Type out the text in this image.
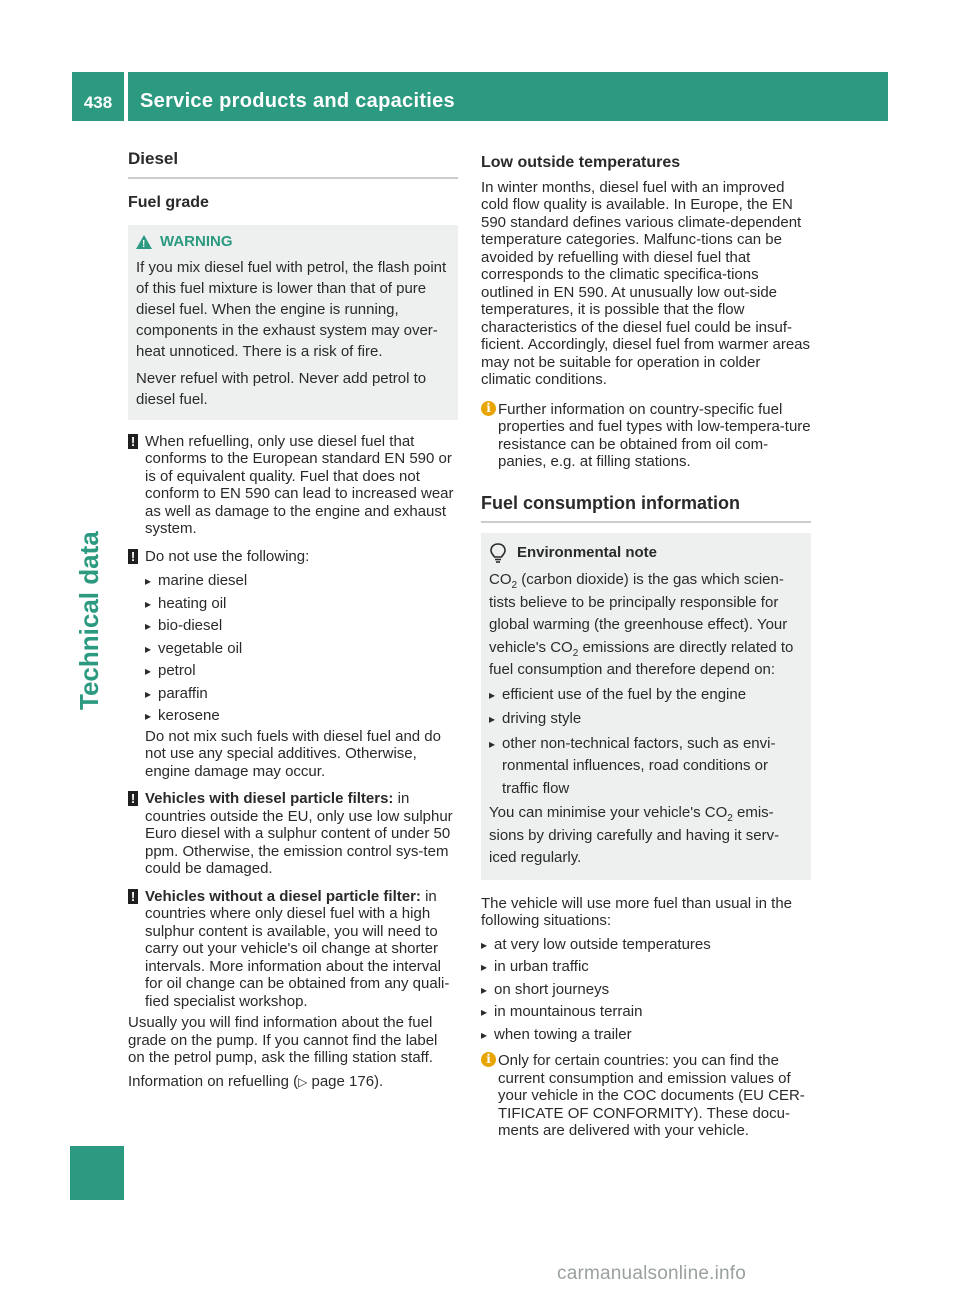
438	Service products and capacities
Technical data
Diesel
Fuel grade
!
WARNING

If you mix diesel fuel with petrol, the flash point of this fuel mixture is lower than that of pure diesel fuel. When the engine is running, components in the exhaust system may over-heat unnoticed. There is a risk of fire.

Never refuel with petrol. Never add petrol to diesel fuel.

! When refuelling, only use diesel fuel that conforms to the European standard EN 590 or is of equivalent quality. Fuel that does not conform to EN 590 can lead to increased wear as well as damage to the engine and exhaust system.

! Do not use the following:

▸ marine diesel
▸ heating oil
▸ bio-diesel
▸ vegetable oil
▸ petrol
▸ paraffin
▸ kerosene

Do not mix such fuels with diesel fuel and do not use any special additives. Otherwise, engine damage may occur.

! Vehicles with diesel particle filters: in countries outside the EU, only use low sulphur Euro diesel with a sulphur content of under 50 ppm. Otherwise, the emission control sys-tem could be damaged.

! Vehicles without a diesel particle filter: in countries where only diesel fuel with a high sulphur content is available, you will need to carry out your vehicle's oil change at shorter intervals. More information about the interval for oil change can be obtained from any quali-fied specialist workshop.

Usually you will find information about the fuel grade on the pump. If you cannot find the label on the petrol pump, ask the filling station staff.

Information on refuelling (▷ page 176).

Low outside temperatures

In winter months, diesel fuel with an improved cold flow quality is available. In Europe, the EN 590 standard defines various climate-dependent temperature categories. Malfunc-tions can be avoided by refuelling with diesel fuel that corresponds to the climatic specifica-tions outlined in EN 590. At unusually low out-side temperatures, it is possible that the flow characteristics of the diesel fuel could be insuf-ficient. Accordingly, diesel fuel from warmer areas may not be suitable for operation in colder climatic conditions.

i Further information on country-specific fuel properties and fuel types with low-tempera-ture resistance can be obtained from oil com-panies, e.g. at filling stations.

Fuel consumption information
Environmental note

$CO_2$ (carbon dioxide) is the gas which scien-tists believe to be principally responsible for global warming (the greenhouse effect). Your vehicle's $CO_2$ emissions are directly related to fuel consumption and therefore depend on:

▸ efficient use of the fuel by the engine
▸ driving style
▸ other non-technical factors, such as envi-ronmental influences, road conditions or traffic flow

You can minimise your vehicle's $CO_2$ emis-sions by driving carefully and having it serv-iced regularly.

The vehicle will use more fuel than usual in the following situations:

▸ at very low outside temperatures
▸ in urban traffic
▸ on short journeys
▸ in mountainous terrain
▸ when towing a trailer
i Only for certain countries: you can find the current consumption and emission values of your vehicle in the COC documents (EU CER-TIFICATE OF CONFORMITY). These docu-ments are delivered with your vehicle.

carmanualsonline.info
